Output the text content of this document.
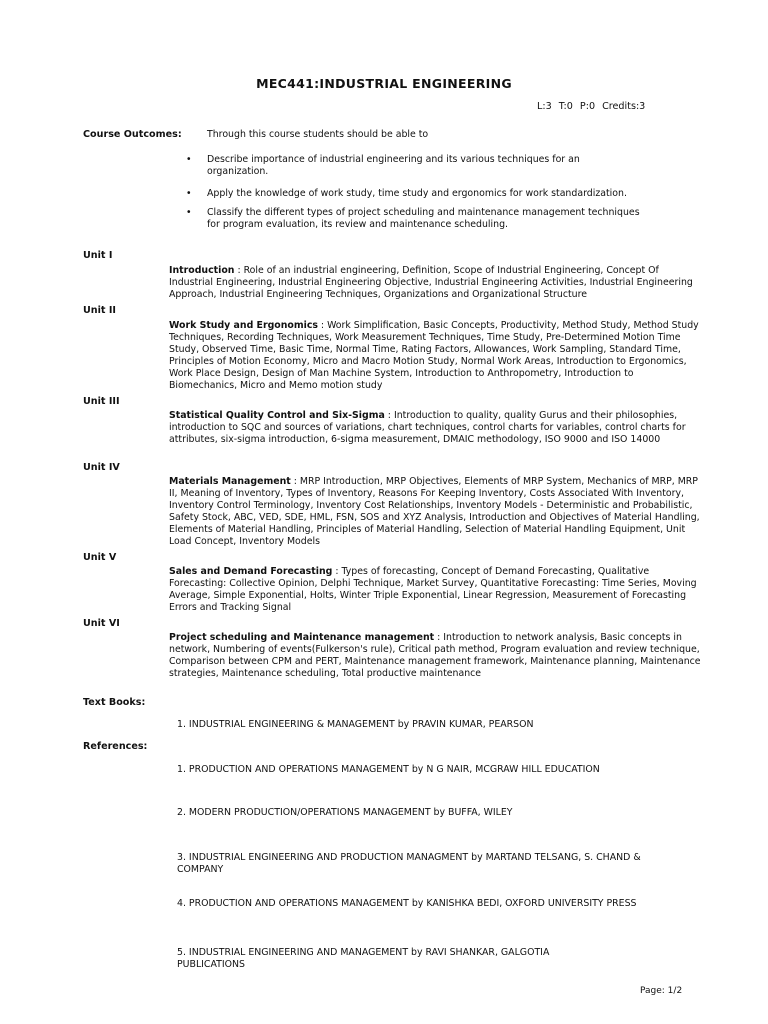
MEC441:INDUSTRIAL ENGINEERING
L:3 T:0 P:0 Credits:3
Course Outcomes:	Through this course students should be able to
• Describe importance of industrial engineering and its various techniques for an organization.
• Apply the knowledge of work study, time study and ergonomics for work standardization.
• Classify the different types of project scheduling and maintenance management techniques for program evaluation, its review and maintenance scheduling.
Unit I
Introduction : Role of an industrial engineering, Definition, Scope of Industrial Engineering, Concept Of Industrial Engineering, Industrial Engineering Objective, Industrial Engineering Activities, Industrial Engineering Approach, Industrial Engineering Techniques, Organizations and Organizational Structure
Unit II
Work Study and Ergonomics : Work Simplification, Basic Concepts, Productivity, Method Study, Method Study Techniques, Recording Techniques, Work Measurement Techniques, Time Study, Pre-Determined Motion Time Study, Observed Time, Basic Time, Normal Time, Rating Factors, Allowances, Work Sampling, Standard Time, Principles of Motion Economy, Micro and Macro Motion Study, Normal Work Areas, Introduction to Ergonomics, Work Place Design, Design of Man Machine System, Introduction to Anthropometry, Introduction to Biomechanics, Micro and Memo motion study
Unit III
Statistical Quality Control and Six-Sigma : Introduction to quality, quality Gurus and their philosophies, introduction to SQC and sources of variations, chart techniques, control charts for variables, control charts for attributes, six-sigma introduction, 6-sigma measurement, DMAIC methodology, ISO 9000 and ISO 14000
Unit IV
Materials Management : MRP Introduction, MRP Objectives, Elements of MRP System, Mechanics of MRP, MRP II, Meaning of Inventory, Types of Inventory, Reasons For Keeping Inventory, Costs Associated With Inventory, Inventory Control Terminology, Inventory Cost Relationships, Inventory Models - Deterministic and Probabilistic, Safety Stock, ABC, VED, SDE, HML, FSN, SOS and XYZ Analysis, Introduction and Objectives of Material Handling, Elements of Material Handling, Principles of Material Handling, Selection of Material Handling Equipment, Unit Load Concept, Inventory Models
Unit V
Sales and Demand Forecasting : Types of forecasting, Concept of Demand Forecasting, Qualitative Forecasting: Collective Opinion, Delphi Technique, Market Survey, Quantitative Forecasting: Time Series, Moving Average, Simple Exponential, Holts, Winter Triple Exponential, Linear Regression, Measurement of Forecasting Errors and Tracking Signal
Unit VI
Project scheduling and Maintenance management : Introduction to network analysis, Basic concepts in network, Numbering of events(Fulkerson's rule), Critical path method, Program evaluation and review technique, Comparison between CPM and PERT, Maintenance management framework, Maintenance planning, Maintenance strategies, Maintenance scheduling, Total productive maintenance
Text Books:
1. INDUSTRIAL ENGINEERING & MANAGEMENT by PRAVIN KUMAR, PEARSON
References:
1. PRODUCTION AND OPERATIONS MANAGEMENT by N G NAIR, MCGRAW HILL EDUCATION
2. MODERN PRODUCTION/OPERATIONS MANAGEMENT by BUFFA, WILEY
3. INDUSTRIAL ENGINEERING AND PRODUCTION MANAGMENT by MARTAND TELSANG, S. CHAND & COMPANY
4. PRODUCTION AND OPERATIONS MANAGEMENT by KANISHKA BEDI, OXFORD UNIVERSITY PRESS
5. INDUSTRIAL ENGINEERING AND MANAGEMENT by RAVI SHANKAR, GALGOTIA PUBLICATIONS
Page: 1/2
